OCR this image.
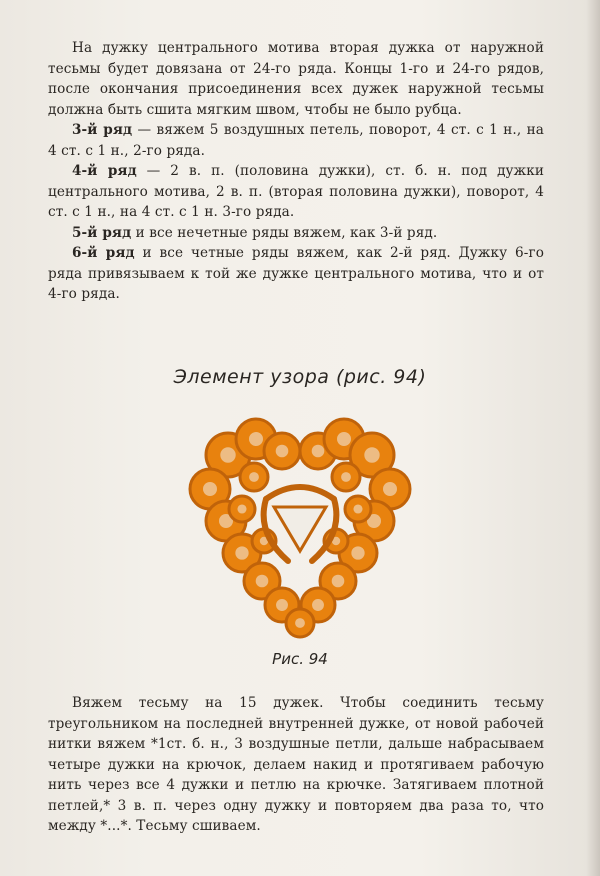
На дужку центрального мотива вторая дужка от наружной тесьмы будет довязана от 24-го ряда. Концы 1-го и 24-го рядов, после окончания присоединения всех дужек наружной тесьмы должна быть сшита мягким швом, чтобы не было рубца.

3-й ряд — вяжем 5 воздушных петель, поворот, 4 ст. с 1 н., на 4 ст. с 1 н., 2-го ряда.

4-й ряд — 2 в. п. (половина дужки), ст. б. н. под дужки центрального мотива, 2 в. п. (вторая половина дужки), поворот, 4 ст. с 1 н., на 4 ст. с 1 н. 3-го ряда.

5-й ряд и все нечетные ряды вяжем, как 3-й ряд.

6-й ряд и все четные ряды вяжем, как 2-й ряд. Дужку 6-го ряда привязываем к той же дужке центрального мотива, что и от 4-го ряда.

Элемент узора (рис. 94)
Рис. 94

Вяжем тесьму на 15 дужек. Чтобы соединить тесьму треугольником на последней внутренней дужке, от новой рабочей нитки вяжем *1ст. б. н., 3 воздушные петли, дальше набрасываем четыре дужки на крючок, делаем накид и протягиваем рабочую нить через все 4 дужки и петлю на крючке. Затягиваем плотной петлей,* 3 в. п. через одну дужку и повторяем два раза то, что между *...*. Тесьму сшиваем.
